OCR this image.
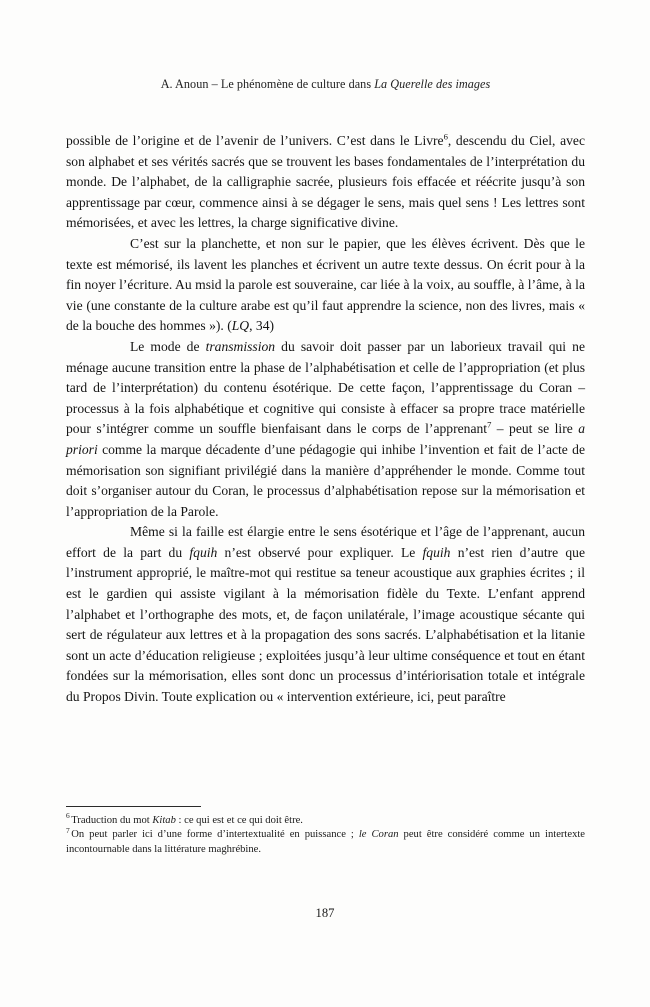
A. Anoun – Le phénomène de culture dans La Querelle des images

possible de l’origine et de l’avenir de l’univers. C’est dans le Livre$^6$, descendu du Ciel, avec son alphabet et ses vérités sacrés que se trouvent les bases fondamentales de l’interprétation du monde. De l’alphabet, de la calligraphie sacrée, plusieurs fois effacée et réécrite jusqu’à son apprentissage par cœur, commence ainsi à se dégager le sens, mais quel sens ! Les lettres sont mémorisées, et avec les lettres, la charge significative divine.

C’est sur la planchette, et non sur le papier, que les élèves écrivent. Dès que le texte est mémorisé, ils lavent les planches et écrivent un autre texte dessus. On écrit pour à la fin noyer l’écriture. Au msid la parole est souveraine, car liée à la voix, au souffle, à l’âme, à la vie (une constante de la culture arabe est qu’il faut apprendre la science, non des livres, mais « de la bouche des hommes »). (LQ, 34)

Le mode de transmission du savoir doit passer par un laborieux travail qui ne ménage aucune transition entre la phase de l’alphabétisation et celle de l’appropriation (et plus tard de l’interprétation) du contenu ésotérique. De cette façon, l’apprentissage du Coran – processus à la fois alphabétique et cognitive qui consiste à effacer sa propre trace matérielle pour s’intégrer comme un souffle bienfaisant dans le corps de l’apprenant$^7$ – peut se lire a priori comme la marque décadente d’une pédagogie qui inhibe l’invention et fait de l’acte de mémorisation son signifiant privilégié dans la manière d’appréhender le monde. Comme tout doit s’organiser autour du Coran, le processus d’alphabétisation repose sur la mémorisation et l’appropriation de la Parole.

Même si la faille est élargie entre le sens ésotérique et l’âge de l’apprenant, aucun effort de la part du fquih n’est observé pour expliquer. Le fquih n’est rien d’autre que l’instrument approprié, le maître-mot qui restitue sa teneur acoustique aux graphies écrites ; il est le gardien qui assiste vigilant à la mémorisation fidèle du Texte. L’enfant apprend l’alphabet et l’orthographe des mots, et, de façon unilatérale, l’image acoustique sécante qui sert de régulateur aux lettres et à la propagation des sons sacrés. L’alphabétisation et la litanie sont un acte d’éducation religieuse ; exploitées jusqu’à leur ultime conséquence et tout en étant fondées sur la mémorisation, elles sont donc un processus d’intériorisation totale et intégrale du Propos Divin. Toute explication ou « intervention extérieure, ici, peut paraître

$^6$ Traduction du mot Kitab : ce qui est et ce qui doit être.

$^7$ On peut parler ici d’une forme d’intertextualité en puissance ; le Coran peut être considéré comme un intertexte incontournable dans la littérature maghrébine.

187
